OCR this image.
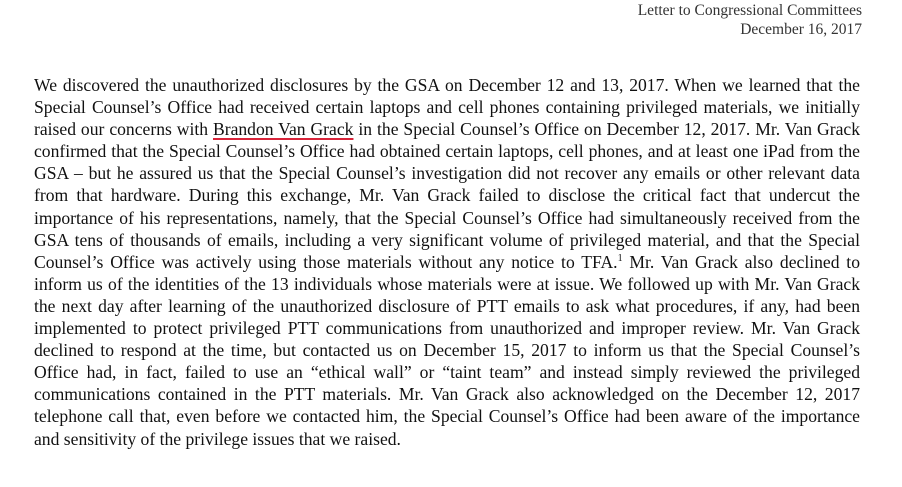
Letter to Congressional Committees
December 16, 2017

We discovered the unauthorized disclosures by the GSA on December 12 and 13, 2017. When we learned that the Special Counsel’s Office had received certain laptops and cell phones containing privileged materials, we initially raised our concerns with Brandon Van Grack in the Special Counsel’s Office on December 12, 2017. Mr. Van Grack confirmed that the Special Counsel’s Office had obtained certain laptops, cell phones, and at least one iPad from the GSA – but he assured us that the Special Counsel’s investigation did not recover any emails or other relevant data from that hardware. During this exchange, Mr. Van Grack failed to disclose the critical fact that undercut the importance of his representations, namely, that the Special Counsel’s Office had simultaneously received from the GSA tens of thousands of emails, including a very significant volume of privileged material, and that the Special Counsel’s Office was actively using those materials without any notice to TFA.$^1$ Mr. Van Grack also declined to inform us of the identities of the 13 individuals whose materials were at issue. We followed up with Mr. Van Grack the next day after learning of the unauthorized disclosure of PTT emails to ask what procedures, if any, had been implemented to protect privileged PTT communications from unauthorized and improper review. Mr. Van Grack declined to respond at the time, but contacted us on December 15, 2017 to inform us that the Special Counsel’s Office had, in fact, failed to use an “ethical wall” or “taint team” and instead simply reviewed the privileged communications contained in the PTT materials. Mr. Van Grack also acknowledged on the December 12, 2017 telephone call that, even before we contacted him, the Special Counsel’s Office had been aware of the importance and sensitivity of the privilege issues that we raised.
